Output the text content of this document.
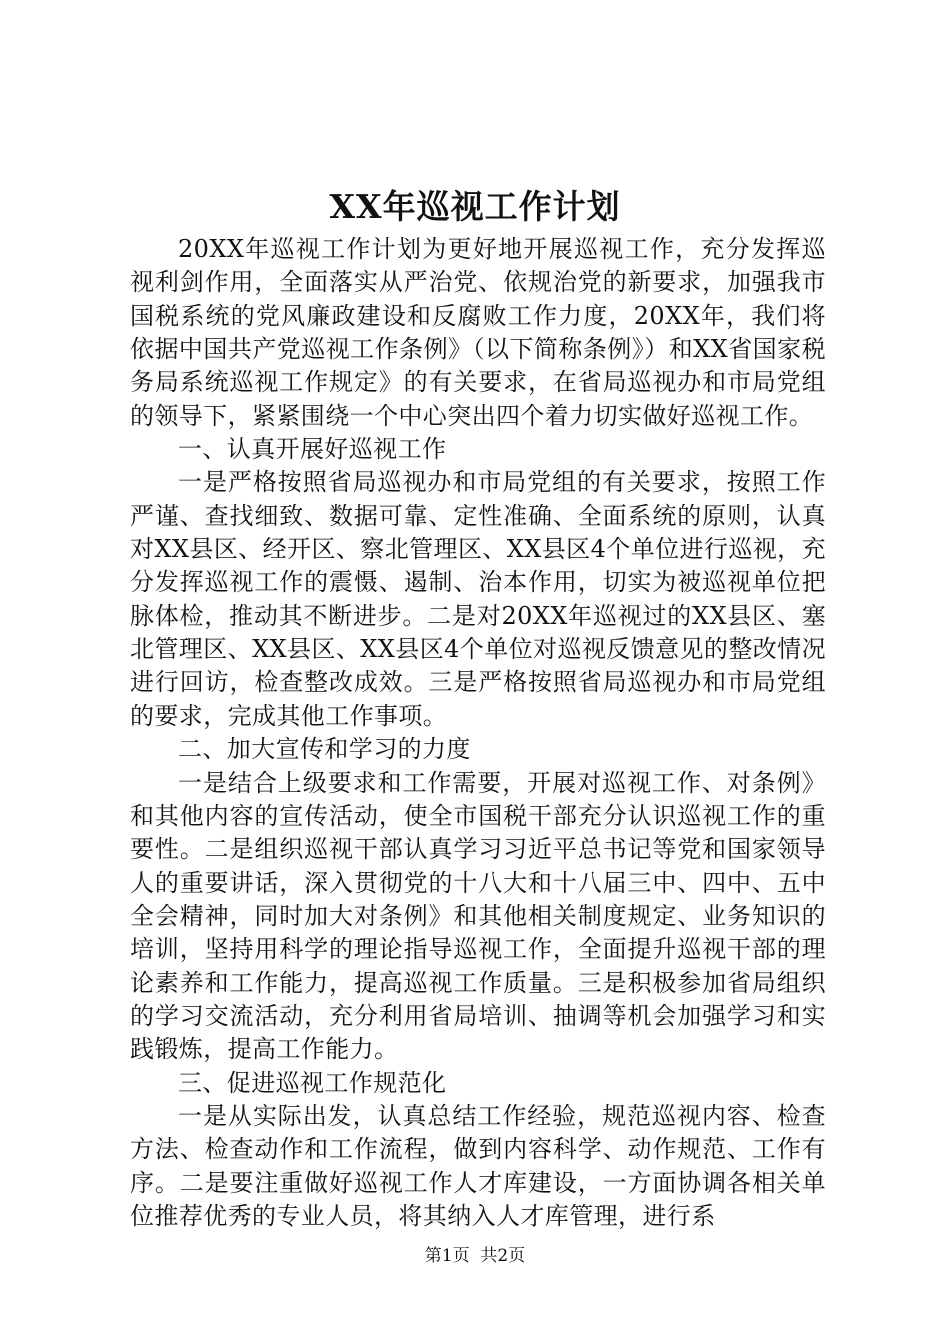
XX年巡视工作计划

20XX年巡视工作计划为更好地开展巡视工作，充分发挥巡视利剑作用，全面落实从严治党、依规治党的新要求，加强我市国税系统的党风廉政建设和反腐败工作力度，20XX年，我们将依据中国共产党巡视工作条例》（以下简称条例》）和XX省国家税务局系统巡视工作规定》的有关要求，在省局巡视办和市局党组的领导下，紧紧围绕一个中心突出四个着力切实做好巡视工作。

一、认真开展好巡视工作

一是严格按照省局巡视办和市局党组的有关要求，按照工作严谨、查找细致、数据可靠、定性准确、全面系统的原则，认真对XX县区、经开区、察北管理区、XX县区4个单位进行巡视，充分发挥巡视工作的震慑、遏制、治本作用，切实为被巡视单位把脉体检，推动其不断进步。二是对20XX年巡视过的XX县区、塞北管理区、XX县区、XX县区4个单位对巡视反馈意见的整改情况进行回访，检查整改成效。三是严格按照省局巡视办和市局党组的要求，完成其他工作事项。

二、加大宣传和学习的力度

一是结合上级要求和工作需要，开展对巡视工作、对条例》和其他内容的宣传活动，使全市国税干部充分认识巡视工作的重要性。二是组织巡视干部认真学习习近平总书记等党和国家领导人的重要讲话，深入贯彻党的十八大和十八届三中、四中、五中全会精神，同时加大对条例》和其他相关制度规定、业务知识的培训，坚持用科学的理论指导巡视工作，全面提升巡视干部的理论素养和工作能力，提高巡视工作质量。三是积极参加省局组织的学习交流活动，充分利用省局培训、抽调等机会加强学习和实践锻炼，提高工作能力。

三、促进巡视工作规范化

一是从实际出发，认真总结工作经验，规范巡视内容、检查方法、检查动作和工作流程，做到内容科学、动作规范、工作有序。二是要注重做好巡视工作人才库建设，一方面协调各相关单位推荐优秀的专业人员，将其纳入人才库管理，进行系

第1页 共2页
